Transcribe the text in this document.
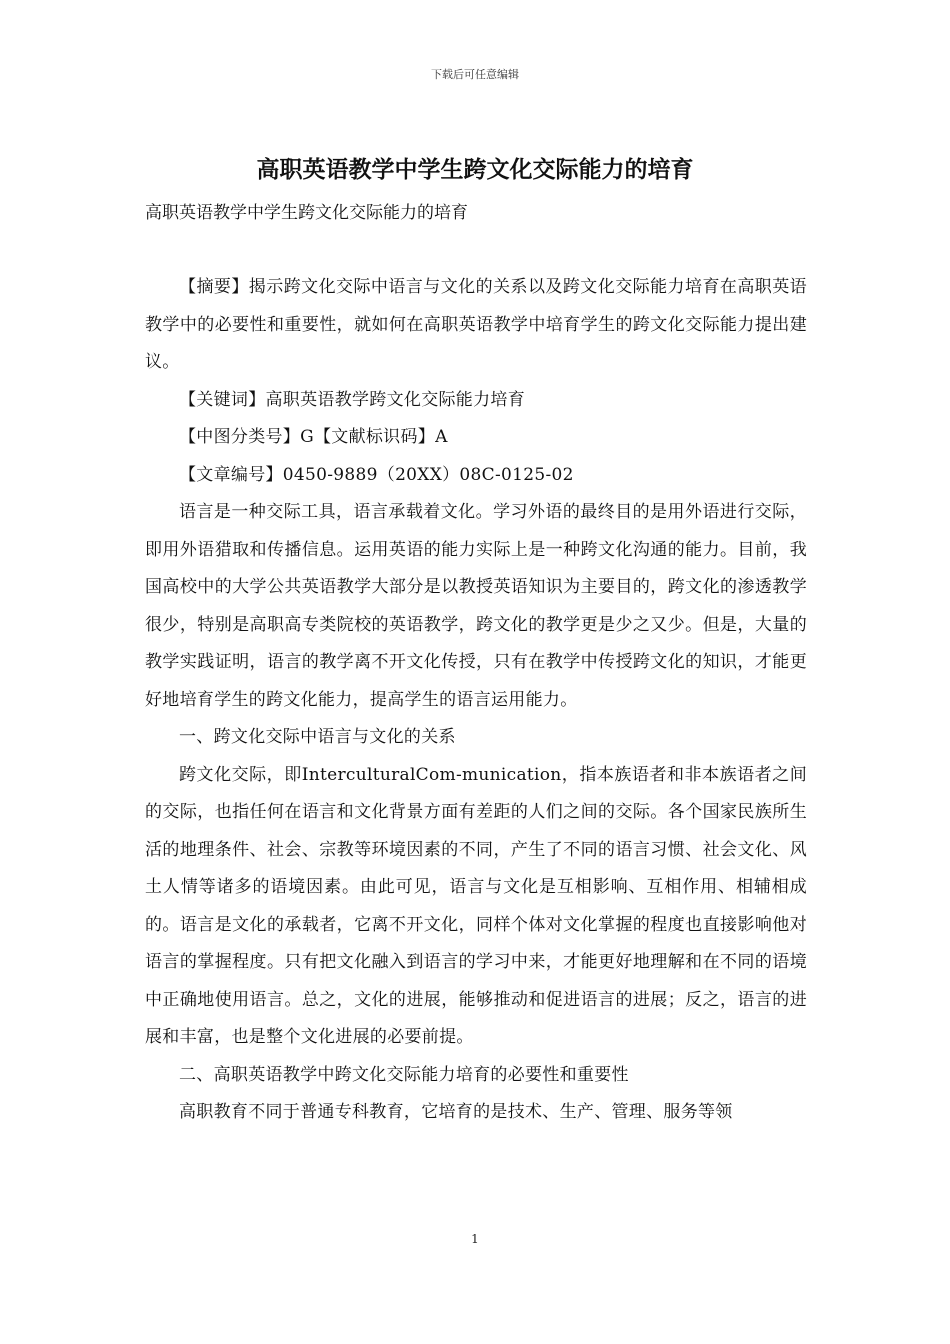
下载后可任意编辑
高职英语教学中学生跨文化交际能力的培育
高职英语教学中学生跨文化交际能力的培育

【摘要】揭示跨文化交际中语言与文化的关系以及跨文化交际能力培育在高职英语教学中的必要性和重要性，就如何在高职英语教学中培育学生的跨文化交际能力提出建议。

【关键词】高职英语教学跨文化交际能力培育

【中图分类号】G【文献标识码】A

【文章编号】0450-9889（20XX）08C-0125-02

语言是一种交际工具，语言承载着文化。学习外语的最终目的是用外语进行交际，即用外语猎取和传播信息。运用英语的能力实际上是一种跨文化沟通的能力。目前，我国高校中的大学公共英语教学大部分是以教授英语知识为主要目的，跨文化的渗透教学很少，特别是高职高专类院校的英语教学，跨文化的教学更是少之又少。但是，大量的教学实践证明，语言的教学离不开文化传授，只有在教学中传授跨文化的知识，才能更好地培育学生的跨文化能力，提高学生的语言运用能力。

一、跨文化交际中语言与文化的关系

跨文化交际，即InterculturalCom-munication，指本族语者和非本族语者之间的交际，也指任何在语言和文化背景方面有差距的人们之间的交际。各个国家民族所生活的地理条件、社会、宗教等环境因素的不同，产生了不同的语言习惯、社会文化、风土人情等诸多的语境因素。由此可见，语言与文化是互相影响、互相作用、相辅相成的。语言是文化的承载者，它离不开文化，同样个体对文化掌握的程度也直接影响他对语言的掌握程度。只有把文化融入到语言的学习中来，才能更好地理解和在不同的语境中正确地使用语言。总之，文化的进展，能够推动和促进语言的进展；反之，语言的进展和丰富，也是整个文化进展的必要前提。

二、高职英语教学中跨文化交际能力培育的必要性和重要性

高职教育不同于普通专科教育，它培育的是技术、生产、管理、服务等领

1
